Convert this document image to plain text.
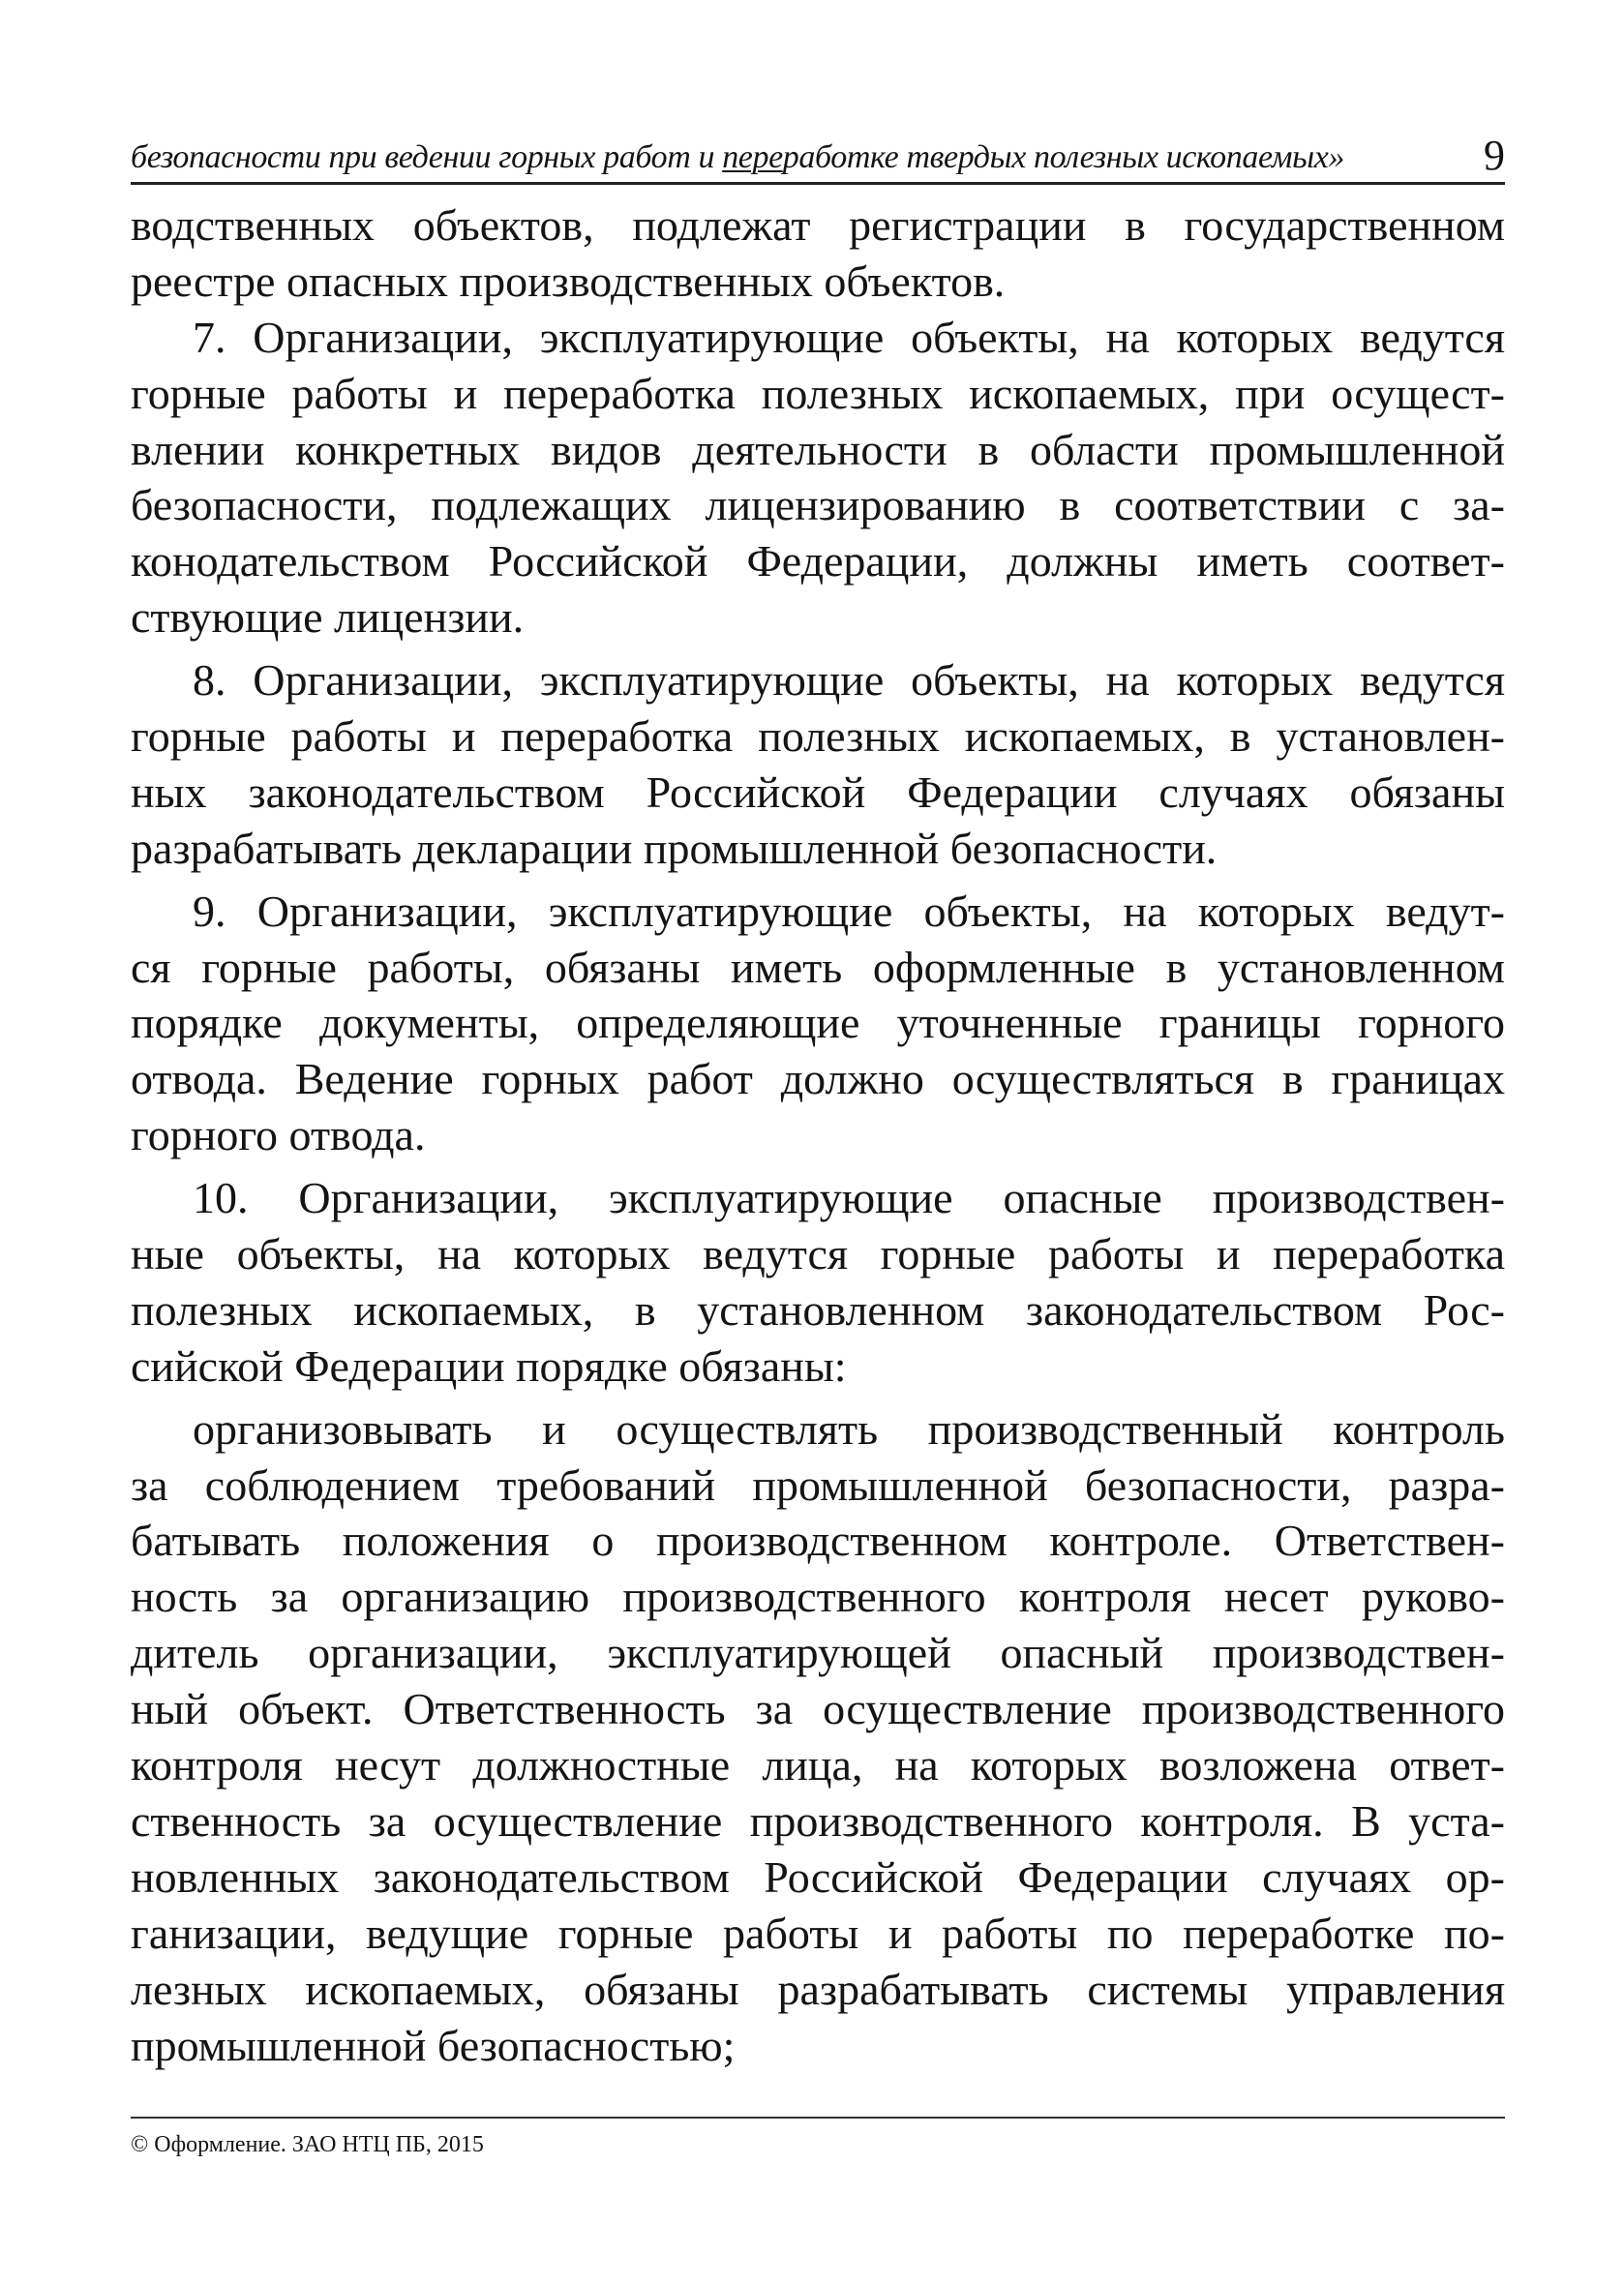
безопасности при ведении горных работ и переработке твердых полезных ископаемых»	9
водственных объектов, подлежат регистрации в государственном
реестре опасных производственных объектов.
7. Организации, эксплуатирующие объекты, на которых ведутся
горные работы и переработка полезных ископаемых, при осущест-
влении конкретных видов деятельности в области промышленной
безопасности, подлежащих лицензированию в соответствии с за-
конодательством Российской Федерации, должны иметь соответ-
ствующие лицензии.
8. Организации, эксплуатирующие объекты, на которых ведутся
горные работы и переработка полезных ископаемых, в установлен-
ных законодательством Российской Федерации случаях обязаны
разрабатывать декларации промышленной безопасности.
9. Организации, эксплуатирующие объекты, на которых ведут-
ся горные работы, обязаны иметь оформленные в установленном
порядке документы, определяющие уточненные границы горного
отвода. Ведение горных работ должно осуществляться в границах
горного отвода.
10. Организации, эксплуатирующие опасные производствен-
ные объекты, на которых ведутся горные работы и переработка
полезных ископаемых, в установленном законодательством Рос-
сийской Федерации порядке обязаны:
организовывать и осуществлять производственный контроль
за соблюдением требований промышленной безопасности, разра-
батывать положения о производственном контроле. Ответствен-
ность за организацию производственного контроля несет руково-
дитель организации, эксплуатирующей опасный производствен-
ный объект. Ответственность за осуществление производственного
контроля несут должностные лица, на которых возложена ответ-
ственность за осуществление производственного контроля. В уста-
новленных законодательством Российской Федерации случаях ор-
ганизации, ведущие горные работы и работы по переработке по-
лезных ископаемых, обязаны разрабатывать системы управления
промышленной безопасностью;
© Оформление. ЗАО НТЦ ПБ, 2015
